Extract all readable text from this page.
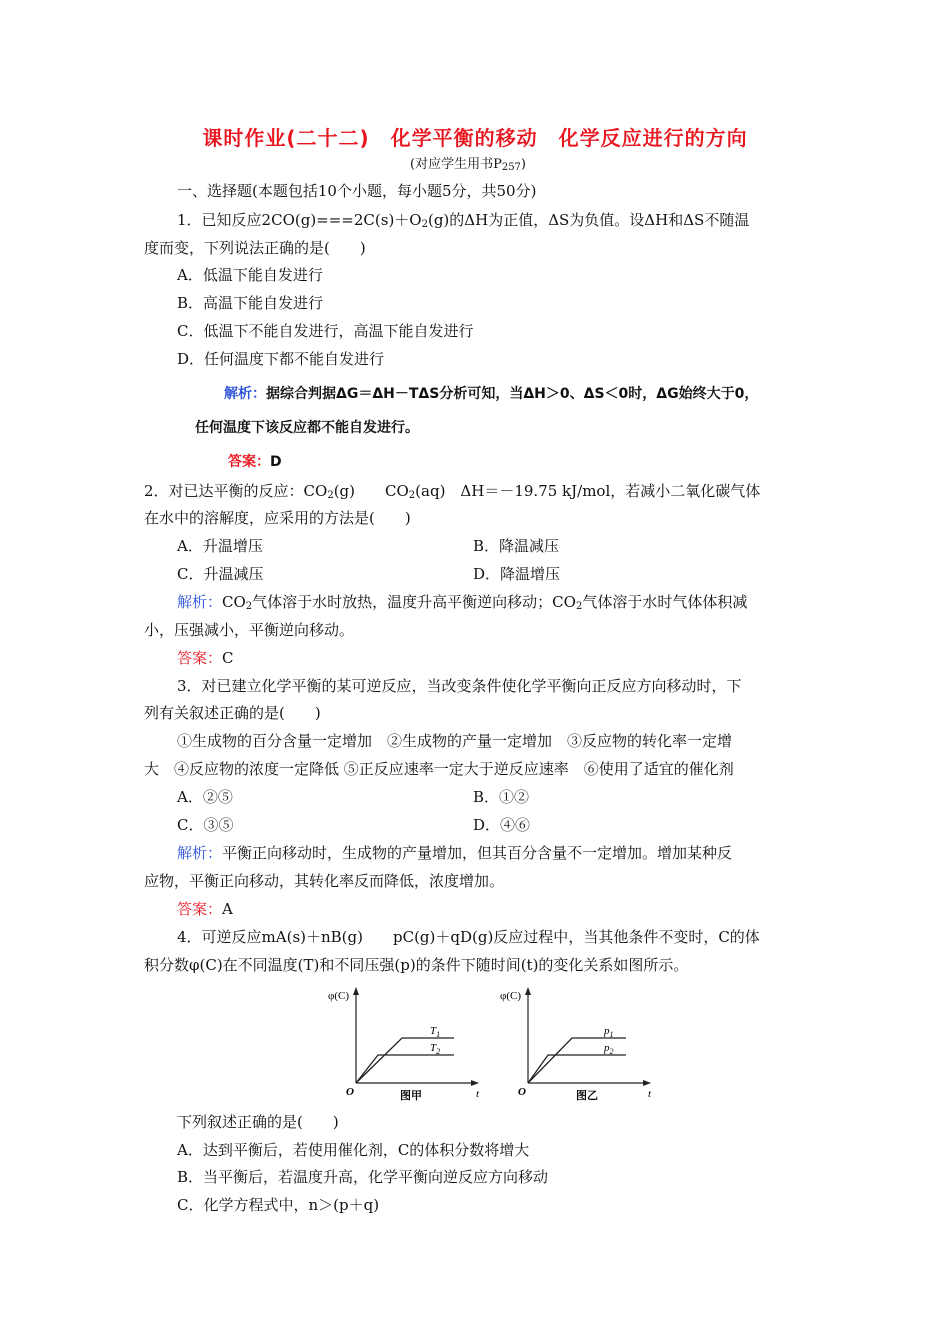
课时作业(二十二)　化学平衡的移动　化学反应进行的方向
(对应学生用书$P_{257}$)
一、选择题(本题包括10个小题，每小题5分，共50分)
1．已知反应$2CO(g)===2C(s)+O_2(g)$的ΔH为正值，ΔS为负值。设ΔH和ΔS不随温
度而变，下列说法正确的是(　　)
A．低温下能自发进行
B．高温下能自发进行
C．低温下不能自发进行，高温下能自发进行
D．任何温度下都不能自发进行
解析：据综合判据ΔG＝ΔH－TΔS分析可知，当ΔH＞0、ΔS＜0时，ΔG始终大于0，
任何温度下该反应都不能自发进行。
答案：D
2．对已达平衡的反应：$CO_2(g)$　　$CO_2(aq)$　ΔH＝－19.75 kJ/mol，若减小二氧化碳气体
在水中的溶解度，应采用的方法是(　　)
A．升温增压	B．降温减压
C．升温减压	D．降温增压
解析：$CO_2$气体溶于水时放热，温度升高平衡逆向移动；$CO_2$气体溶于水时气体体积减
小，压强减小，平衡逆向移动。
答案：C
3．对已建立化学平衡的某可逆反应，当改变条件使化学平衡向正反应方向移动时，下
列有关叙述正确的是(　　)
①生成物的百分含量一定增加　②生成物的产量一定增加　③反应物的转化率一定增
大　④反应物的浓度一定降低 ⑤正反应速率一定大于逆反应速率　⑥使用了适宜的催化剂
A．②⑤	B．①②
C．③⑤	D．④⑥
解析：平衡正向移动时，生成物的产量增加，但其百分含量不一定增加。增加某种反
应物，平衡正向移动，其转化率反而降低，浓度增加。
答案：A
4．可逆反应mA(s)＋nB(g)　　pC(g)＋qD(g)反应过程中，当其他条件不变时，C的体
积分数φ(C)在不同温度(T)和不同压强(p)的条件下随时间(t)的变化关系如图所示。
φ(C)
t
O
$T_1$
$T_2$
图甲
φ(C)
t
O
$p_1$
$p_2$
图乙
下列叙述正确的是(　　)
A．达到平衡后，若使用催化剂，C的体积分数将增大
B．当平衡后，若温度升高，化学平衡向逆反应方向移动
C．化学方程式中，n＞(p＋q)
